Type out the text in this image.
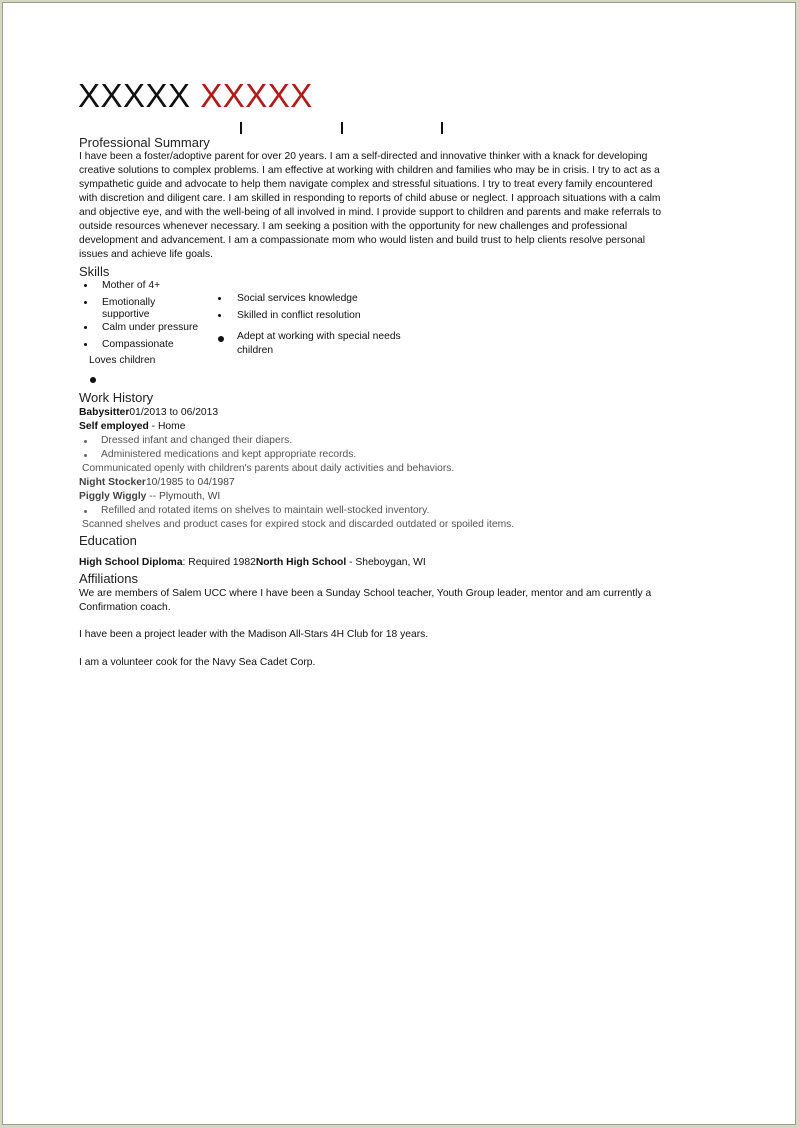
XXXXX XXXXX
Professional Summary
I have been a foster/adoptive parent for over 20 years. I am a self-directed and innovative thinker with a knack for developing
creative solutions to complex problems. I am effective at working with children and families who may be in crisis. I try to act as a
sympathetic guide and advocate to help them navigate complex and stressful situations. I try to treat every family encountered
with discretion and diligent care. I am skilled in responding to reports of child abuse or neglect. I approach situations with a calm
and objective eye, and with the well-being of all involved in mind. I provide support to children and parents and make referrals to
outside resources whenever necessary. I am seeking a position with the opportunity for new challenges and professional
development and advancement. I am a compassionate mom who would listen and build trust to help clients resolve personal
issues and achieve life goals.
Skills
Mother of 4+
Emotionally
supportive
Calm under pressure
Compassionate
Loves children
Social services knowledge
Skilled in conflict resolution
Adept at working with special needs
children
Work History
Babysitter01/2013 to 06/2013
Self employed - Home
Dressed infant and changed their diapers.
Administered medications and kept appropriate records.
Communicated openly with children's parents about daily activities and behaviors.
Night Stocker10/1985 to 04/1987
Piggly Wiggly -- Plymouth, WI
Refilled and rotated items on shelves to maintain well-stocked inventory.
Scanned shelves and product cases for expired stock and discarded outdated or spoiled items.
Education
High School Diploma: Required 1982North High School - Sheboygan, WI
Affiliations
We are members of Salem UCC where I have been a Sunday School teacher, Youth Group leader, mentor and am currently a
Confirmation coach.
I have been a project leader with the Madison All-Stars 4H Club for 18 years.
I am a volunteer cook for the Navy Sea Cadet Corp.
